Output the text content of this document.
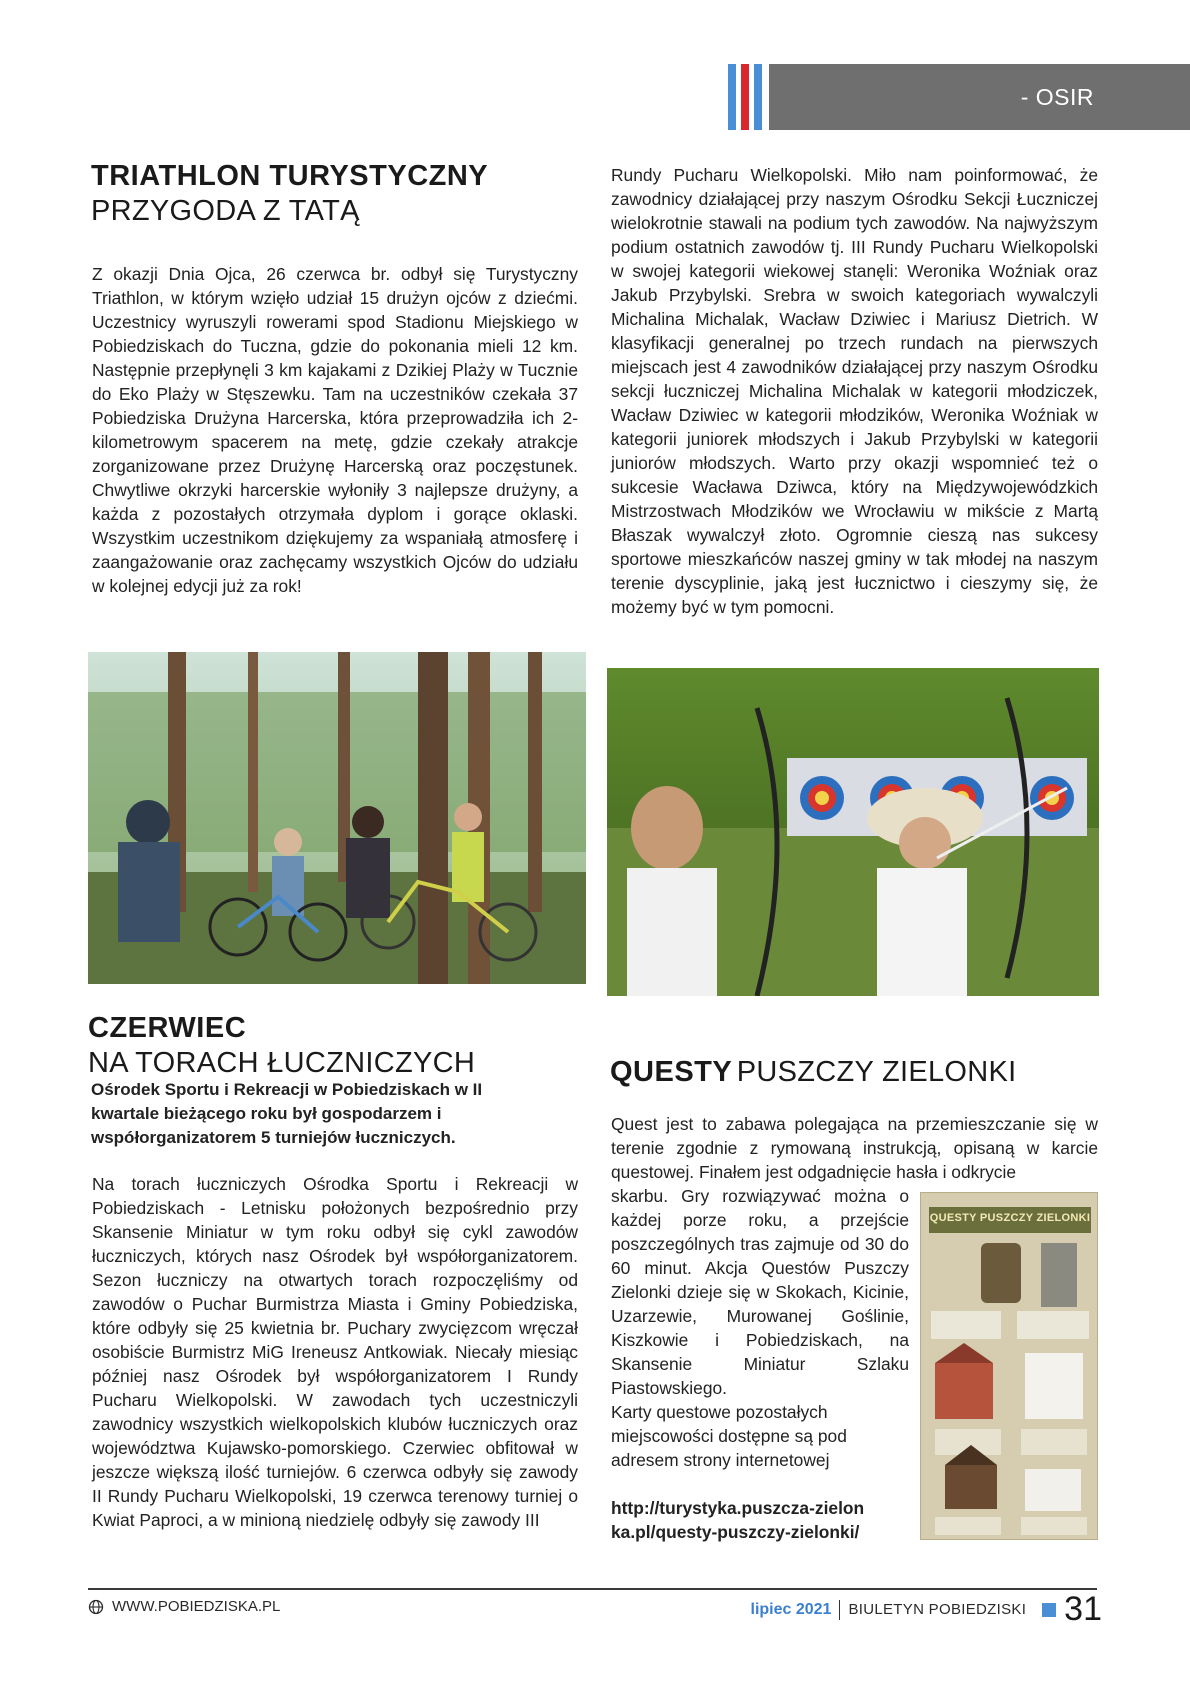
- OSIR
TRIATHLON TURYSTYCZNY
PRZYGODA Z TATĄ

Z okazji Dnia Ojca, 26 czerwca br. odbył się Turystyczny Triathlon, w którym wzięło udział 15 drużyn ojców z dziećmi. Uczestnicy wyruszyli rowerami spod Stadionu Miejskiego w Pobiedziskach do Tuczna, gdzie do pokonania mieli 12 km. Następnie przepłynęli 3 km kajakami z Dzikiej Plaży w Tucznie do Eko Plaży w Stęszewku. Tam na uczestników czekała 37 Pobiedziska Drużyna Harcerska, która przeprowadziła ich 2- kilometrowym spacerem na metę, gdzie czekały atrakcje zorganizowane przez Drużynę Harcerską oraz poczęstunek. Chwytliwe okrzyki harcerskie wyłoniły 3 najlepsze drużyny, a każda z pozostałych otrzymała dyplom i gorące oklaski. Wszystkim uczestnikom dziękujemy za wspaniałą atmosferę i zaangażowanie oraz zachęcamy wszystkich Ojców do udziału w kolejnej edycji już za rok!

Rundy Pucharu Wielkopolski. Miło nam poinformować, że zawodnicy działającej przy naszym Ośrodku Sekcji Łuczniczej wielokrotnie stawali na podium tych zawodów. Na najwyższym podium ostatnich zawodów tj. III Rundy Pucharu Wielkopolski w swojej kategorii wiekowej stanęli: Weronika Woźniak oraz Jakub Przybylski. Srebra w swoich kategoriach wywalczyli Michalina Michalak, Wacław Dziwiec i Mariusz Dietrich. W klasyfikacji generalnej po trzech rundach na pierwszych miejscach jest 4 zawodników działającej przy naszym Ośrodku sekcji łuczniczej Michalina Michalak w kategorii młodziczek, Wacław Dziwiec w kategorii młodzików, Weronika Woźniak w kategorii juniorek młodszych i Jakub Przybylski w kategorii juniorów młodszych. Warto przy okazji wspomnieć też o sukcesie Wacława Dziwca, który na Międzywojewódzkich Mistrzostwach Młodzików we Wrocławiu w mikście z Martą Błaszak wywalczył złoto. Ogromnie cieszą nas sukcesy sportowe mieszkańców naszej gminy w tak młodej na naszym terenie dyscyplinie, jaką jest łucznictwo i cieszymy się, że możemy być w tym pomocni.

CZERWIEC
NA TORACH ŁUCZNICZYCH

Ośrodek Sportu i Rekreacji w Pobiedziskach w II kwartale bieżącego roku był gospodarzem i współorganizatorem 5 turniejów łuczniczych.

Na torach łuczniczych Ośrodka Sportu i Rekreacji w Pobiedziskach - Letnisku położonych bezpośrednio przy Skansenie Miniatur w tym roku odbył się cykl zawodów łuczniczych, których nasz Ośrodek był współorganizatorem. Sezon łuczniczy na otwartych torach rozpoczęliśmy od zawodów o Puchar Burmistrza Miasta i Gminy Pobiedziska, które odbyły się 25 kwietnia br. Puchary zwycięzcom wręczał osobiście Burmistrz MiG Ireneusz Antkowiak. Niecały miesiąc później nasz Ośrodek był współorganizatorem I Rundy Pucharu Wielkopolski. W zawodach tych uczestniczyli zawodnicy wszystkich wielkopolskich klubów łuczniczych oraz województwa Kujawsko-pomorskiego. Czerwiec obfitował w jeszcze większą ilość turniejów. 6 czerwca odbyły się zawody II Rundy Pucharu Wielkopolski, 19 czerwca terenowy turniej o Kwiat Paproci, a w minioną niedzielę odbyły się zawody III

QUESTY PUSZCZY ZIELONKI

Quest jest to zabawa polegająca na przemieszczanie się w terenie zgodnie z rymowaną instrukcją, opisaną w karcie questowej. Finałem jest odgadnięcie hasła i odkrycie

skarbu. Gry rozwiązywać można o każdej porze roku, a przejście poszczególnych tras zajmuje od 30 do 60 minut. Akcja Questów Puszczy Zielonki dzieje się w Skokach, Kicinie, Uzarzewie, Murowanej Goślinie, Kiszkowie i Pobiedziskach, na Skansenie Miniatur Szlaku Piastowskiego.

Karty questowe pozostałych miejscowości dostępne są pod adresem strony internetowej

http://turystyka.puszcza-zielonka.pl/questy-puszczy-zielonki/

QUESTY PUSZCZY ZIELONKI
WWW.POBIEDZISKA.PL	lipiec 2021 BIULETYN POBIEDZISKI 31
